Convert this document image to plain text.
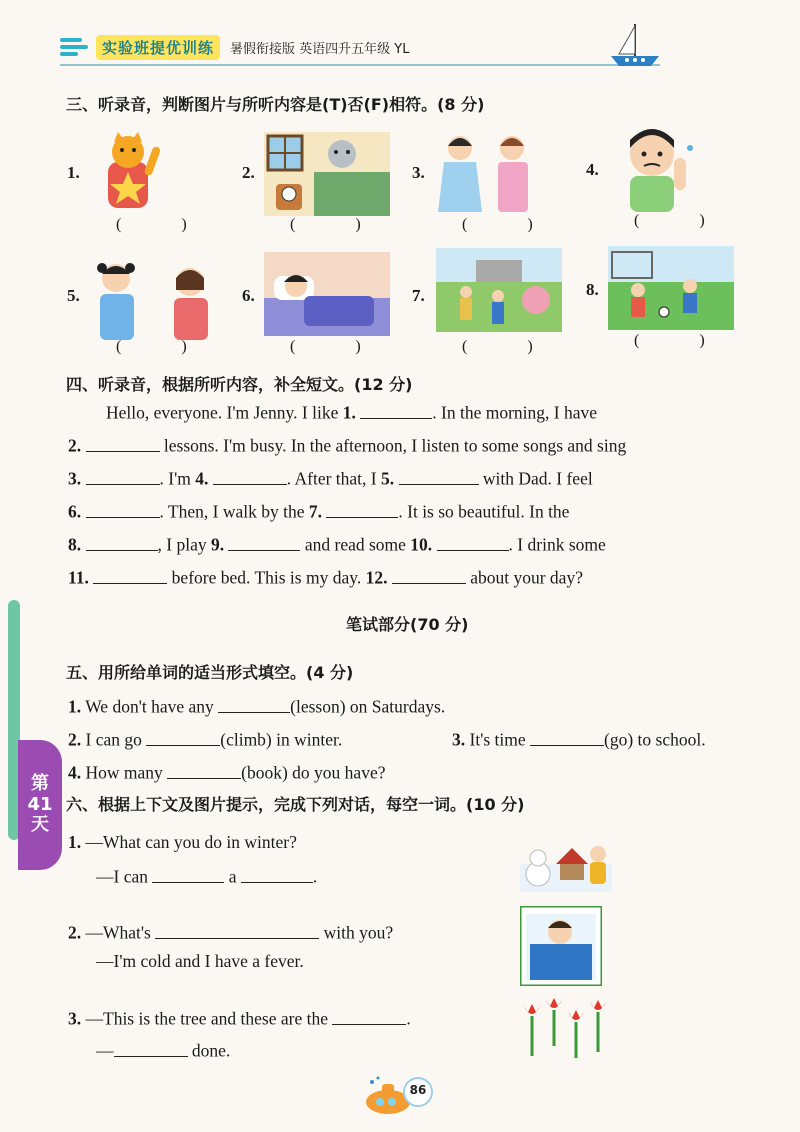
实验班提优训练	暑假衔接版 英语四升五年级 YL
第
41
天
三、听录音，判断图片与所听内容是(T)否(F)相符。(8 分)
1.
( )
2.
( )
3.
( )
4.
( )
5.
( )
6.
( )
7.
( )
8.
( )
四、听录音，根据所听内容，补全短文。(12 分)
Hello, everyone. I'm Jenny. I like 1.	. In the morning, I have
2.	lessons. I'm busy. In the afternoon, I listen to some songs and sing
3.	. I'm 4.	. After that, I 5.	with Dad. I feel
6.	. Then, I walk by the 7.	. It is so beautiful. In the
8.	, I play 9.	and read some 10.	. I drink some
11.	before bed. This is my day. 12.	about your day?
笔试部分(70 分)
五、用所给单词的适当形式填空。(4 分)
1. We don't have any	(lesson) on Saturdays.
2. I can go	(climb) in winter.	3. It's time	(go) to school.
4. How many	(book) do you have?
六、根据上下文及图片提示，完成下列对话，每空一词。(10 分)
1. —What can you do in winter?
—I can	a	.
2. —What's	with you?
—I'm cold and I have a fever.
3. —This is the tree and these are the	.
—	done.
86
